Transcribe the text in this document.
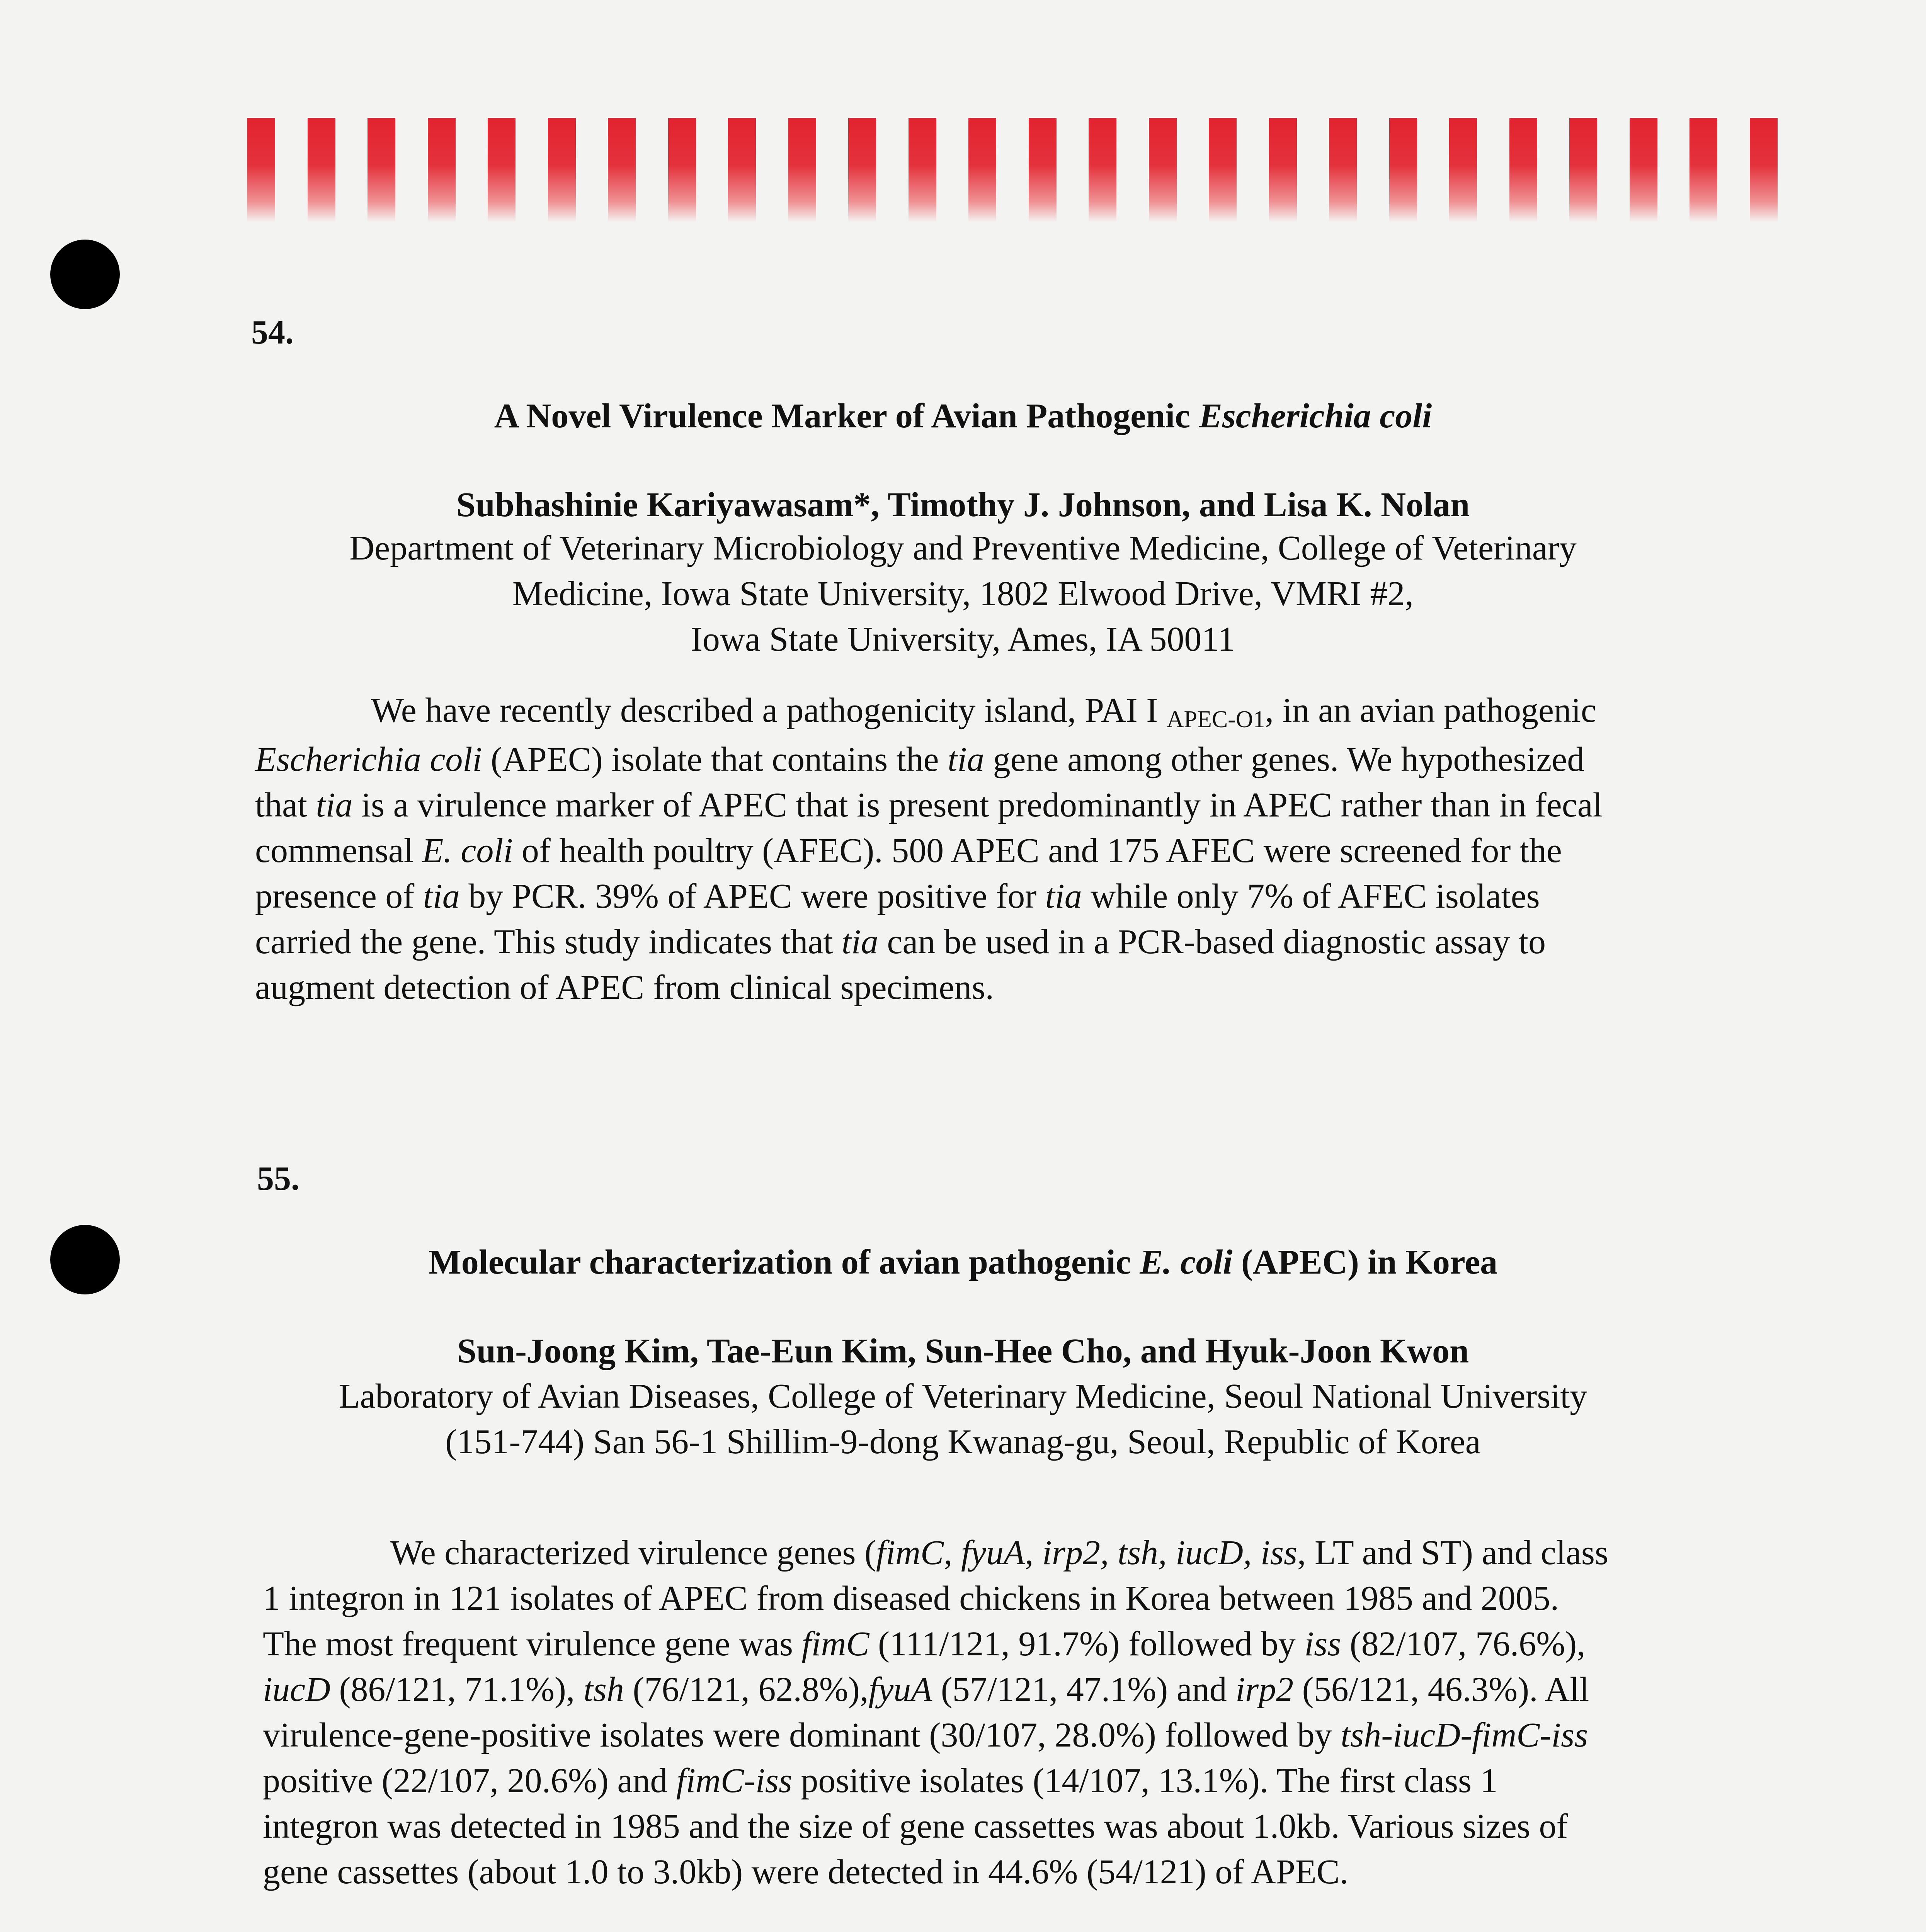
54.
A Novel Virulence Marker of Avian Pathogenic Escherichia coli
Subhashinie Kariyawasam*, Timothy J. Johnson, and Lisa K. Nolan
Department of Veterinary Microbiology and Preventive Medicine, College of Veterinary
Medicine, Iowa State University, 1802 Elwood Drive, VMRI #2,
Iowa State University, Ames, IA 50011
We have recently described a pathogenicity island, PAI I $_{APEC-O1}$, in an avian pathogenic
Escherichia coli (APEC) isolate that contains the tia gene among other genes. We hypothesized
that tia is a virulence marker of APEC that is present predominantly in APEC rather than in fecal
commensal E. coli of health poultry (AFEC). 500 APEC and 175 AFEC were screened for the
presence of tia by PCR. 39% of APEC were positive for tia while only 7% of AFEC isolates
carried the gene. This study indicates that tia can be used in a PCR-based diagnostic assay to
augment detection of APEC from clinical specimens.
55.
Molecular characterization of avian pathogenic E. coli (APEC) in Korea
Sun-Joong Kim, Tae-Eun Kim, Sun-Hee Cho, and Hyuk-Joon Kwon
Laboratory of Avian Diseases, College of Veterinary Medicine, Seoul National University
(151-744) San 56-1 Shillim-9-dong Kwanag-gu, Seoul, Republic of Korea
We characterized virulence genes (fimC, fyuA, irp2, tsh, iucD, iss, LT and ST) and class
1 integron in 121 isolates of APEC from diseased chickens in Korea between 1985 and 2005.
The most frequent virulence gene was fimC (111/121, 91.7%) followed by iss (82/107, 76.6%),
iucD (86/121, 71.1%), tsh (76/121, 62.8%),fyuA (57/121, 47.1%) and irp2 (56/121, 46.3%). All
virulence-gene-positive isolates were dominant (30/107, 28.0%) followed by tsh-iucD-fimC-iss
positive (22/107, 20.6%) and fimC-iss positive isolates (14/107, 13.1%). The first class 1
integron was detected in 1985 and the size of gene cassettes was about 1.0kb. Various sizes of
gene cassettes (about 1.0 to 3.0kb) were detected in 44.6% (54/121) of APEC.
